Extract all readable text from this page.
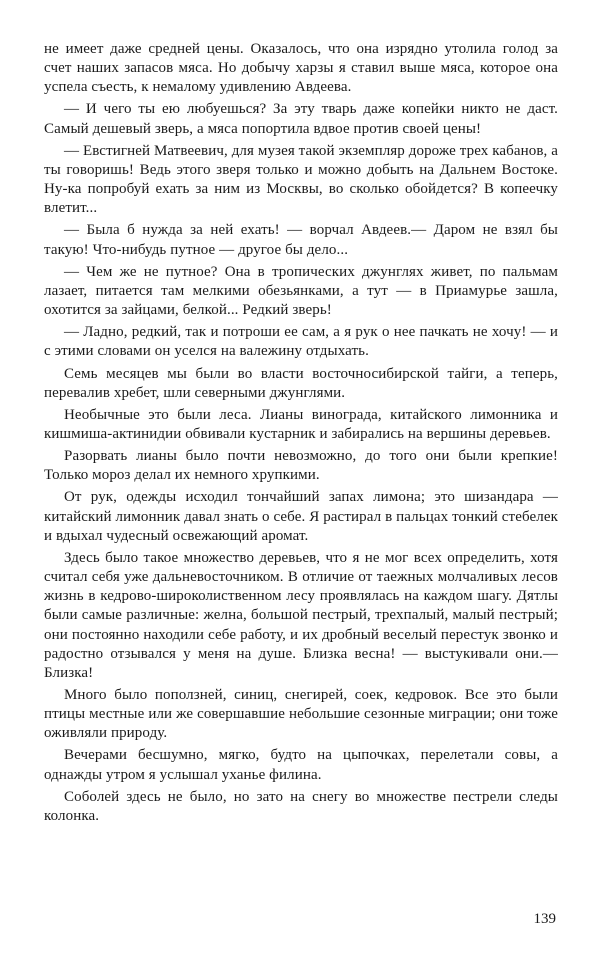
не имеет даже средней цены. Оказалось, что она изрядно утолила голод за счет наших запасов мяса. Но добычу харзы я ставил выше мяса, которое она успела съесть, к немалому удивлению Авдеева.

— И чего ты ею любуешься? За эту тварь даже копейки никто не даст. Самый дешевый зверь, а мяса попортила вдвое против своей цены!

— Евстигней Матвеевич, для музея такой экземпляр дороже трех кабанов, а ты говоришь! Ведь этого зверя только и можно добыть на Дальнем Востоке. Ну-ка попробуй ехать за ним из Москвы, во сколько обойдется? В копеечку влетит...

— Была б нужда за ней ехать! — ворчал Авдеев.— Даром не взял бы такую! Что-нибудь путное — другое бы дело...

— Чем же не путное? Она в тропических джунглях живет, по пальмам лазает, питается там мелкими обезьянками, а тут — в Приамурье зашла, охотится за зайцами, белкой... Редкий зверь!

— Ладно, редкий, так и потроши ее сам, а я рук о нее пачкать не хочу! — и с этими словами он уселся на валежину отдыхать.

Семь месяцев мы были во власти восточносибирской тайги, а теперь, перевалив хребет, шли северными джунглями.

Необычные это были леса. Лианы винограда, китайского лимонника и кишмиша-актинидии обвивали кустарник и забирались на вершины деревьев.

Разорвать лианы было почти невозможно, до того они были крепкие! Только мороз делал их немного хрупкими.

От рук, одежды исходил тончайший запах лимона; это шизандара — китайский лимонник давал знать о себе. Я растирал в пальцах тонкий стебелек и вдыхал чудесный освежающий аромат.

Здесь было такое множество деревьев, что я не мог всех определить, хотя считал себя уже дальневосточником. В отличие от таежных молчаливых лесов жизнь в кедрово-широколиственном лесу проявлялась на каждом шагу. Дятлы были самые различные: желна, большой пестрый, трехпалый, малый пестрый; они постоянно находили себе работу, и их дробный веселый перестук звонко и радостно отзывался у меня на душе. Близка весна! — выстукивали они.— Близка!

Много было поползней, синиц, снегирей, соек, кедровок. Все это были птицы местные или же совершавшие небольшие сезонные миграции; они тоже оживляли природу.

Вечерами бесшумно, мягко, будто на цыпочках, перелетали совы, а однажды утром я услышал уханье филина.

Соболей здесь не было, но зато на снегу во множестве пестрели следы колонка.

139
